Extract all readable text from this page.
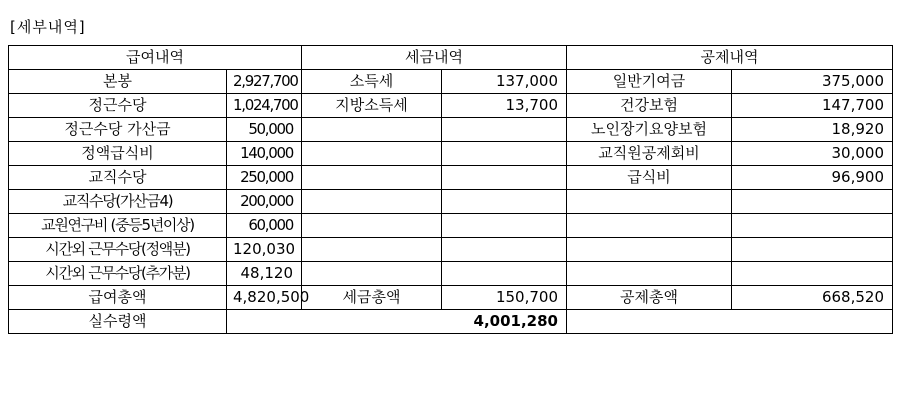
[세부내역]
급여내역		세금내역		공제내역	
본봉	2,927,700	소득세	137,000	일반기여금	375,000
정근수당	1,024,700	지방소득세	13,700	건강보험	147,700
정근수당 가산금	50,000			노인장기요양보험	18,920
정액급식비	140,000			교직원공제회비	30,000
교직수당	250,000			급식비	96,900
교직수당(가산금4)	200,000				
교원연구비 (중등5년이상)	60,000				
시간외 근무수당(정액분)	120,030				
시간외 근무수당(추가분)	48,120				
급여총액	4,820,500	세금총액	150,700	공제총액	668,520
실수령액	4,001,280				
